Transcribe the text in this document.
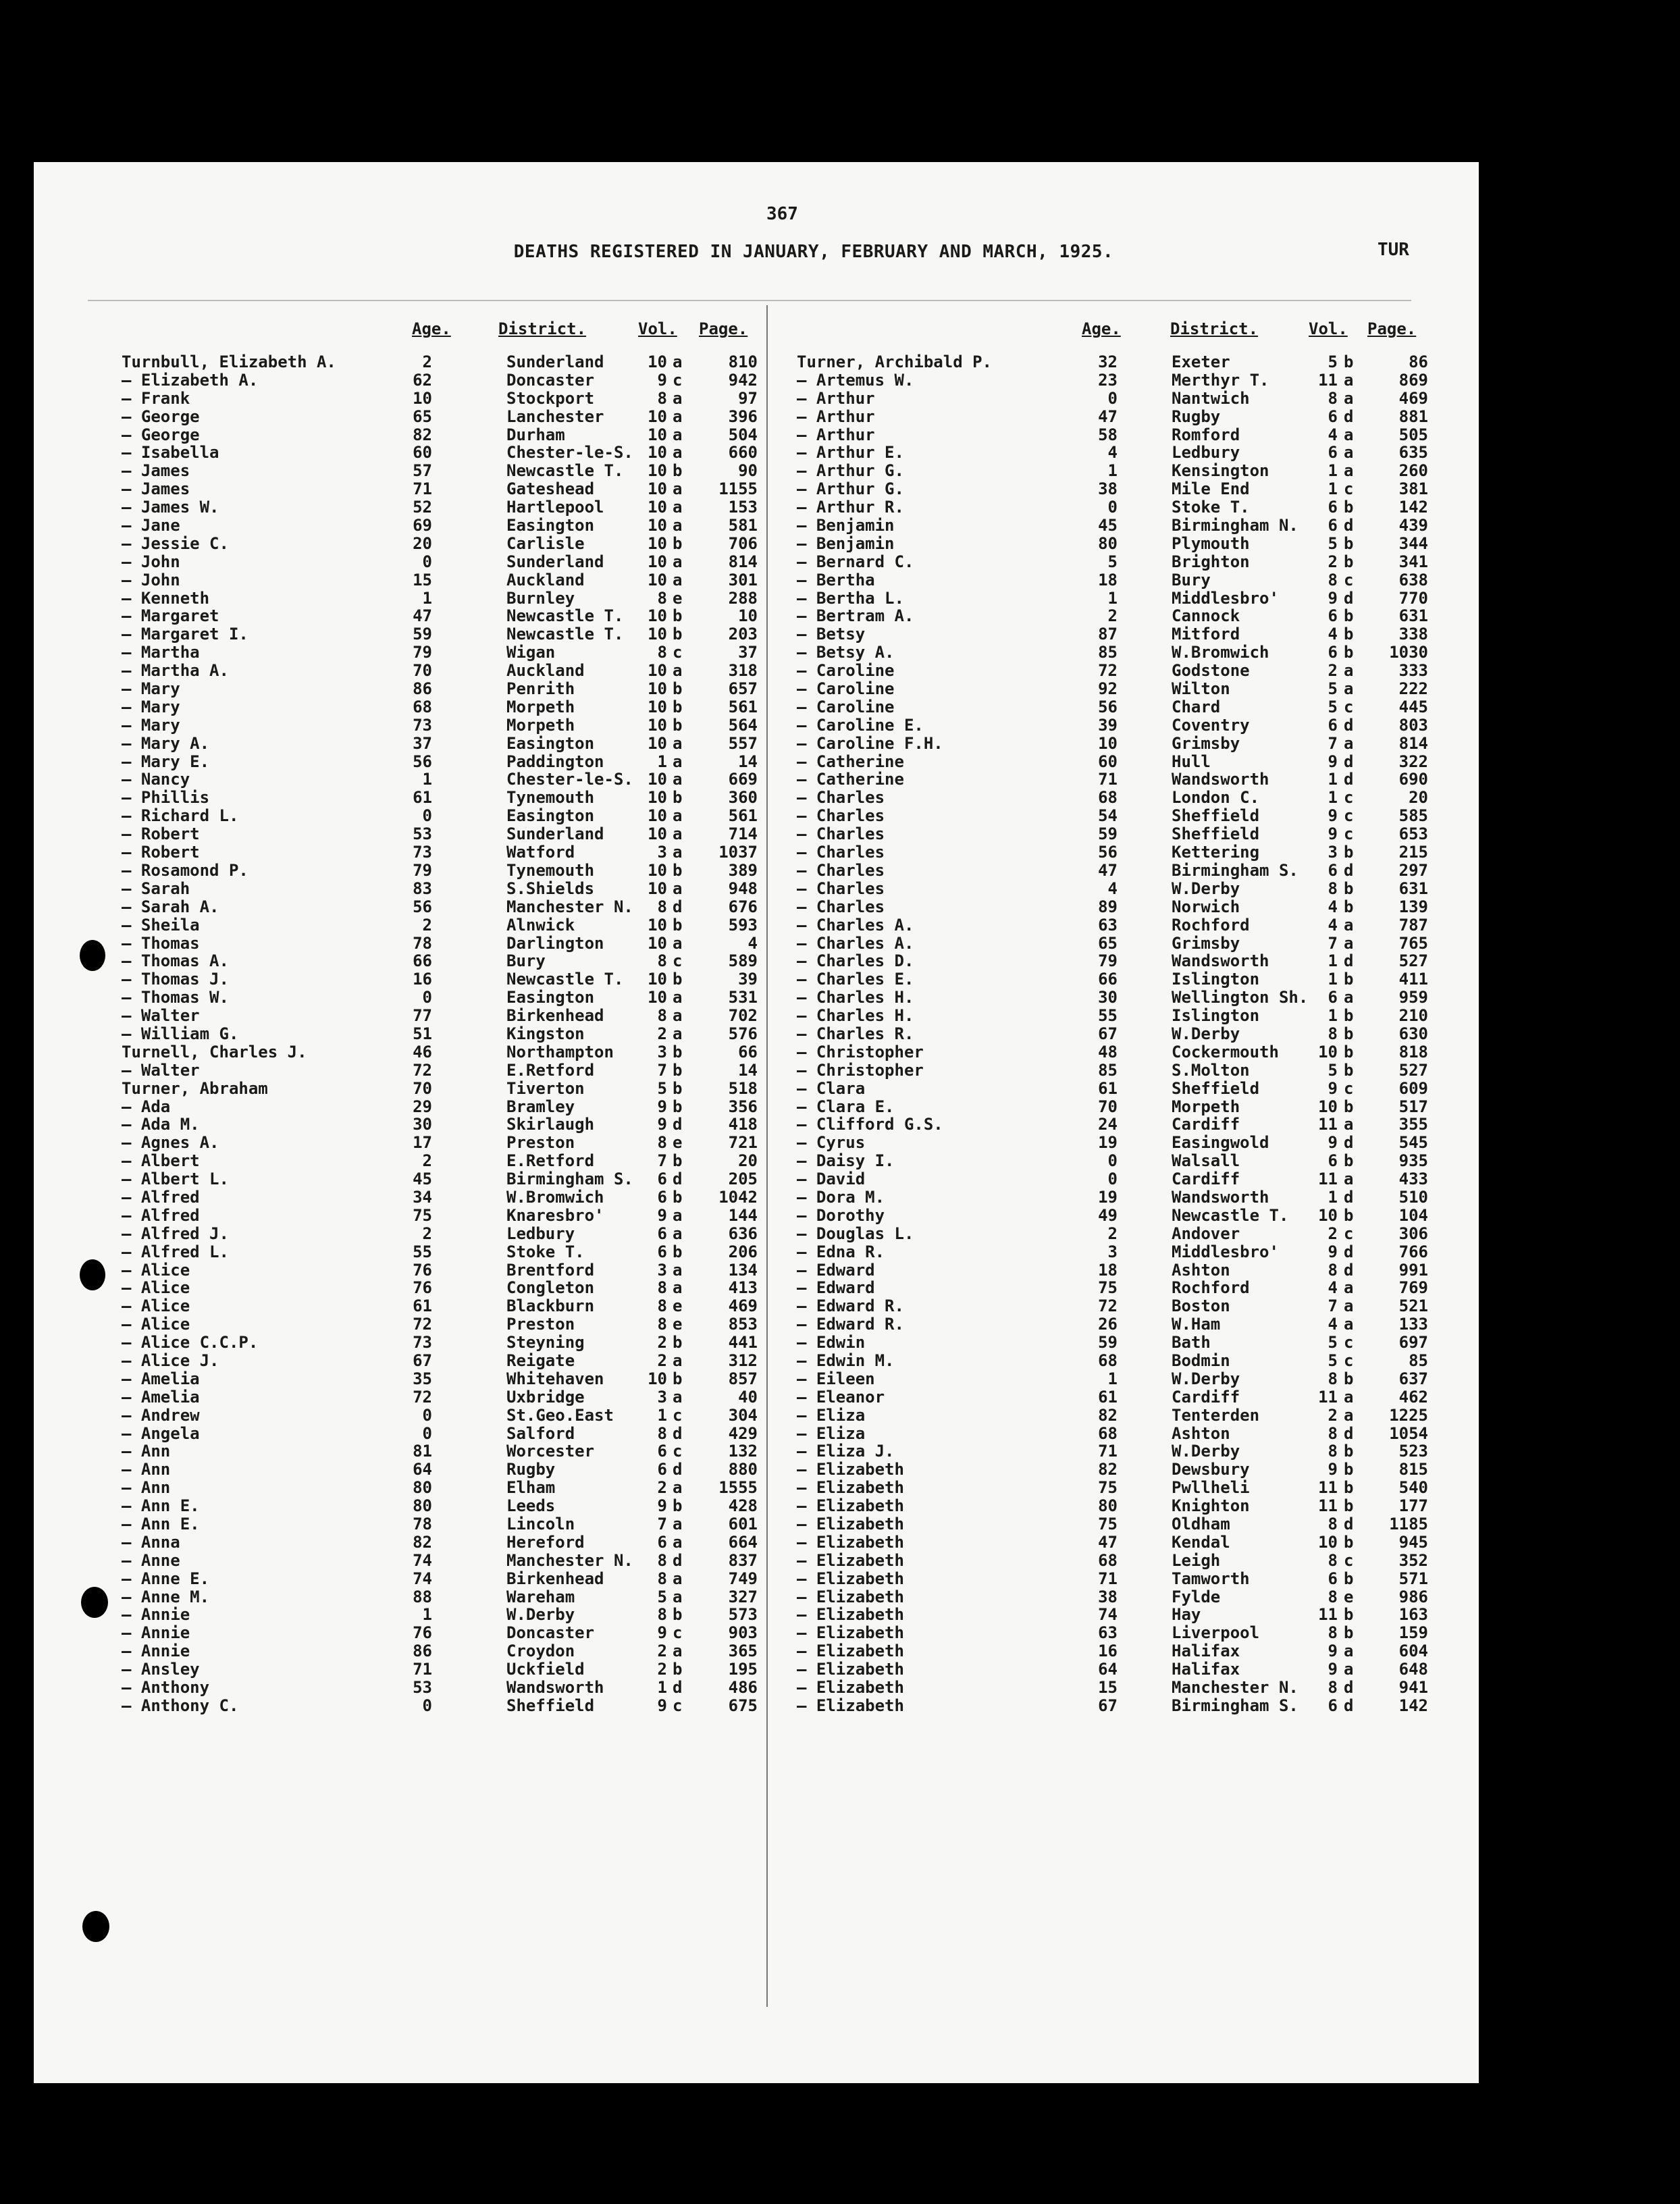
367
DEATHS REGISTERED IN JANUARY, FEBRUARY AND MARCH, 1925.	TUR
Age.	District.	Vol. Page.	Age.	District.	Vol. Page.
Turnbull, Elizabeth A.	2	Sunderland	10 a	810
— Elizabeth A.	62	Doncaster	9 c	942
— Frank	10	Stockport	8 a	97
— George	65	Lanchester	10 a	396
— George	82	Durham	10 a	504
— Isabella	60	Chester-le-S. 10 a	660
— James	57	Newcastle T.	10 b	90
— James	71	Gateshead	10 a	1155
— James W.	52	Hartlepool	10 a	153
— Jane	69	Easington	10 a	581
— Jessie C.	20	Carlisle	10 b	706
— John	0	Sunderland	10 a	814
— John	15	Auckland	10 a	301
— Kenneth	1	Burnley	8 e	288
— Margaret	47	Newcastle T.	10 b	10
— Margaret I.	59	Newcastle T.	10 b	203
— Martha	79	Wigan	8 c	37
— Martha A.	70	Auckland	10 a	318
— Mary	86	Penrith	10 b	657
— Mary	68	Morpeth	10 b	561
— Mary	73	Morpeth	10 b	564
— Mary A.	37	Easington	10 a	557
— Mary E.	56	Paddington	1 a	14
— Nancy	1	Chester-le-S. 10 a	669
— Phillis	61	Tynemouth	10 b	360
— Richard L.	0	Easington	10 a	561
— Robert	53	Sunderland	10 a	714
— Robert	73	Watford	3 a	1037
— Rosamond P.	79	Tynemouth	10 b	389
— Sarah	83	S.Shields	10 a	948
— Sarah A.	56	Manchester N.	8 d	676
— Sheila	2	Alnwick	10 b	593
— Thomas	78	Darlington	10 a	4
— Thomas A.	66	Bury	8 c	589
— Thomas J.	16	Newcastle T.	10 b	39
— Thomas W.	0	Easington	10 a	531
— Walter	77	Birkenhead	8 a	702
— William G.	51	Kingston	2 a	576
Turnell, Charles J.	46	Northampton	3 b	66
— Walter	72	E.Retford	7 b	14
Turner, Abraham	70	Tiverton	5 b	518
— Ada	29	Bramley	9 b	356
— Ada M.	30	Skirlaugh	9 d	418
— Agnes A.	17	Preston	8 e	721
— Albert	2	E.Retford	7 b	20
— Albert L.	45	Birmingham S.	6 d	205
— Alfred	34	W.Bromwich	6 b	1042
— Alfred	75	Knaresbro'	9 a	144
— Alfred J.	2	Ledbury	6 a	636
— Alfred L.	55	Stoke T.	6 b	206
— Alice	76	Brentford	3 a	134
— Alice	76	Congleton	8 a	413
— Alice	61	Blackburn	8 e	469
— Alice	72	Preston	8 e	853
— Alice C.C.P.	73	Steyning	2 b	441
— Alice J.	67	Reigate	2 a	312
— Amelia	35	Whitehaven	10 b	857
— Amelia	72	Uxbridge	3 a	40
— Andrew	0	St.Geo.East	1 c	304
— Angela	0	Salford	8 d	429
— Ann	81	Worcester	6 c	132
— Ann	64	Rugby	6 d	880
— Ann	80	Elham	2 a	1555
— Ann E.	80	Leeds	9 b	428
— Ann E.	78	Lincoln	7 a	601
— Anna	82	Hereford	6 a	664
— Anne	74	Manchester N.	8 d	837
— Anne E.	74	Birkenhead	8 a	749
— Anne M.	88	Wareham	5 a	327
— Annie	1	W.Derby	8 b	573
— Annie	76	Doncaster	9 c	903
— Annie	86	Croydon	2 a	365
— Ansley	71	Uckfield	2 b	195
— Anthony	53	Wandsworth	1 d	486
— Anthony C.	0	Sheffield	9 c	675
Turner, Archibald P.	32	Exeter	5 b	86
— Artemus W.	23	Merthyr T.	11 a	869
— Arthur	0	Nantwich	8 a	469
— Arthur	47	Rugby	6 d	881
— Arthur	58	Romford	4 a	505
— Arthur E.	4	Ledbury	6 a	635
— Arthur G.	1	Kensington	1 a	260
— Arthur G.	38	Mile End	1 c	381
— Arthur R.	0	Stoke T.	6 b	142
— Benjamin	45	Birmingham N.	6 d	439
— Benjamin	80	Plymouth	5 b	344
— Bernard C.	5	Brighton	2 b	341
— Bertha	18	Bury	8 c	638
— Bertha L.	1	Middlesbro'	9 d	770
— Bertram A.	2	Cannock	6 b	631
— Betsy	87	Mitford	4 b	338
— Betsy A.	85	W.Bromwich	6 b	1030
— Caroline	72	Godstone	2 a	333
— Caroline	92	Wilton	5 a	222
— Caroline	56	Chard	5 c	445
— Caroline E.	39	Coventry	6 d	803
— Caroline F.H.	10	Grimsby	7 a	814
— Catherine	60	Hull	9 d	322
— Catherine	71	Wandsworth	1 d	690
— Charles	68	London C.	1 c	20
— Charles	54	Sheffield	9 c	585
— Charles	59	Sheffield	9 c	653
— Charles	56	Kettering	3 b	215
— Charles	47	Birmingham S.	6 d	297
— Charles	4	W.Derby	8 b	631
— Charles	89	Norwich	4 b	139
— Charles A.	63	Rochford	4 a	787
— Charles A.	65	Grimsby	7 a	765
— Charles D.	79	Wandsworth	1 d	527
— Charles E.	66	Islington	1 b	411
— Charles H.	30	Wellington Sh.	6 a	959
— Charles H.	55	Islington	1 b	210
— Charles R.	67	W.Derby	8 b	630
— Christopher	48	Cockermouth	10 b	818
— Christopher	85	S.Molton	5 b	527
— Clara	61	Sheffield	9 c	609
— Clara E.	70	Morpeth	10 b	517
— Clifford G.S.	24	Cardiff	11 a	355
— Cyrus	19	Easingwold	9 d	545
— Daisy I.	0	Walsall	6 b	935
— David	0	Cardiff	11 a	433
— Dora M.	19	Wandsworth	1 d	510
— Dorothy	49	Newcastle T.	10 b	104
— Douglas L.	2	Andover	2 c	306
— Edna R.	3	Middlesbro'	9 d	766
— Edward	18	Ashton	8 d	991
— Edward	75	Rochford	4 a	769
— Edward R.	72	Boston	7 a	521
— Edward R.	26	W.Ham	4 a	133
— Edwin	59	Bath	5 c	697
— Edwin M.	68	Bodmin	5 c	85
— Eileen	1	W.Derby	8 b	637
— Eleanor	61	Cardiff	11 a	462
— Eliza	82	Tenterden	2 a	1225
— Eliza	68	Ashton	8 d	1054
— Eliza J.	71	W.Derby	8 b	523
— Elizabeth	82	Dewsbury	9 b	815
— Elizabeth	75	Pwllheli	11 b	540
— Elizabeth	80	Knighton	11 b	177
— Elizabeth	75	Oldham	8 d	1185
— Elizabeth	47	Kendal	10 b	945
— Elizabeth	68	Leigh	8 c	352
— Elizabeth	71	Tamworth	6 b	571
— Elizabeth	38	Fylde	8 e	986
— Elizabeth	74	Hay	11 b	163
— Elizabeth	63	Liverpool	8 b	159
— Elizabeth	16	Halifax	9 a	604
— Elizabeth	64	Halifax	9 a	648
— Elizabeth	15	Manchester N.	8 d	941
— Elizabeth	67	Birmingham S.	6 d	142
